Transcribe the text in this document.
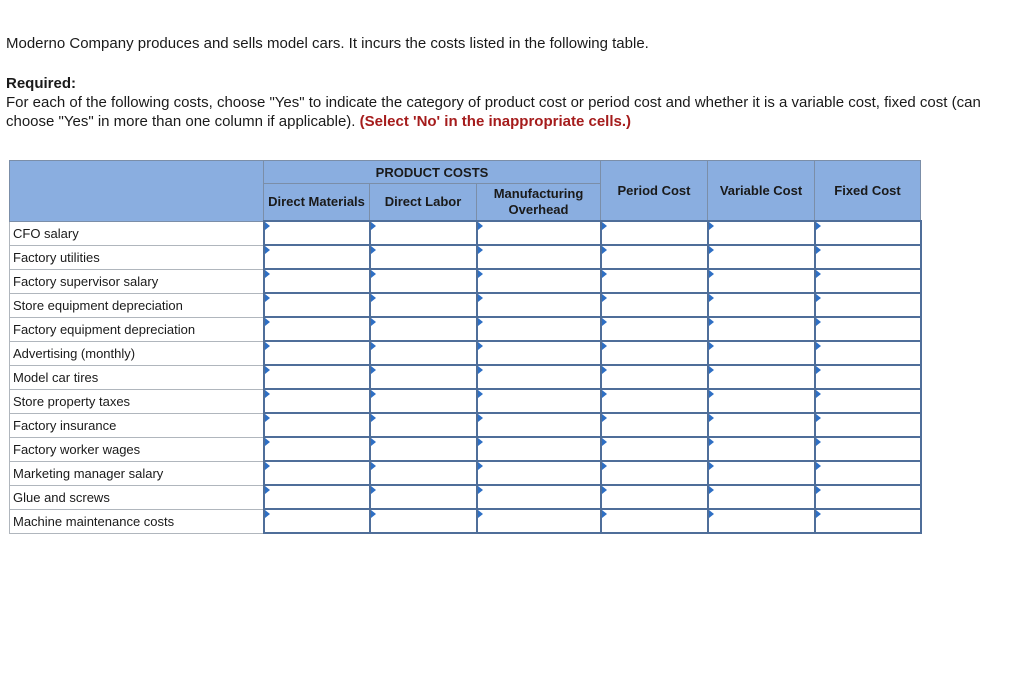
Moderno Company produces and sells model cars. It incurs the costs listed in the following table.

Required:

For each of the following costs, choose "Yes" to indicate the category of product cost or period cost and whether it is a variable cost, fixed cost (can choose "Yes" in more than one column if applicable). (Select 'No' in the inappropriate cells.)

	PRODUCT COSTS			Period Cost	Variable Cost	Fixed Cost
	Direct Materials	Direct Labor	Manufacturing Overhead			
CFO salary	

Factory utilities	

Factory supervisor salary	

Store equipment depreciation	

Factory equipment depreciation	

Advertising (monthly)	

Model car tires	

Store property taxes	

Factory insurance	

Factory worker wages	

Marketing manager salary	

Glue and screws	

Machine maintenance costs	
